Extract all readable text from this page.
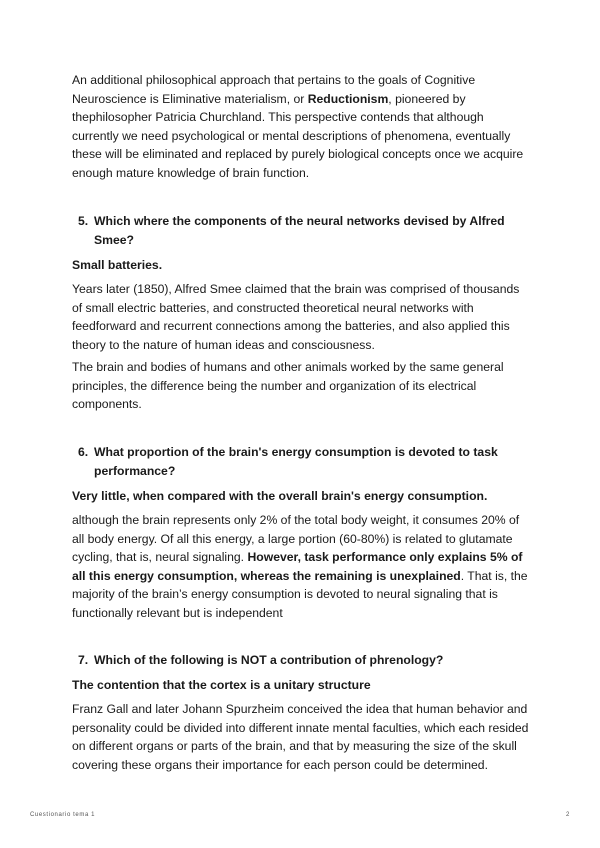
An additional philosophical approach that pertains to the goals of Cognitive Neuroscience is Eliminative materialism, or Reductionism, pioneered by thephilosopher Patricia Churchland. This perspective contends that although currently we need psychological or mental descriptions of phenomena, eventually these will be eliminated and replaced by purely biological concepts once we acquire enough mature knowledge of brain function.

5. Which where the components of the neural networks devised by Alfred Smee?
Small batteries.

Years later (1850), Alfred Smee claimed that the brain was comprised of thousands of small electric batteries, and constructed theoretical neural networks with feedforward and recurrent connections among the batteries, and also applied this theory to the nature of human ideas and consciousness.

The brain and bodies of humans and other animals worked by the same general principles, the difference being the number and organization of its electrical components.

6. What proportion of the brain's energy consumption is devoted to task performance?
Very little, when compared with the overall brain's energy consumption.

although the brain represents only 2% of the total body weight, it consumes 20% of all body energy. Of all this energy, a large portion (60-80%) is related to glutamate cycling, that is, neural signaling. However, task performance only explains 5% of all this energy consumption, whereas the remaining is unexplained. That is, the majority of the brain’s energy consumption is devoted to neural signaling that is functionally relevant but is independent

7. Which of the following is NOT a contribution of phrenology?
The contention that the cortex is a unitary structure

Franz Gall and later Johann Spurzheim conceived the idea that human behavior and personality could be divided into different innate mental faculties, which each resided on different organs or parts of the brain, and that by measuring the size of the skull covering these organs their importance for each person could be determined.

Cuestionario tema 1	2
